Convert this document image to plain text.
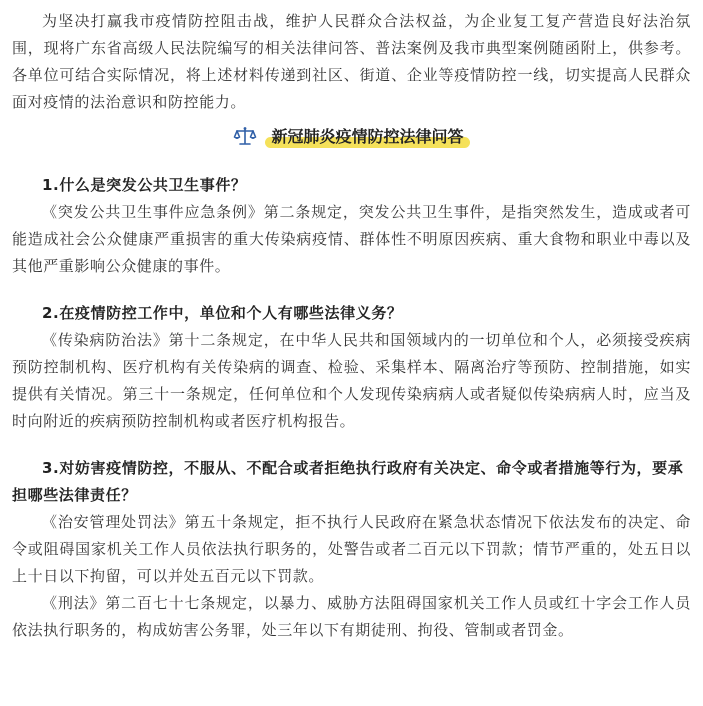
为坚决打赢我市疫情防控阻击战，维护人民群众合法权益，为企业复工复产营造良好法治氛围，现将广东省高级人民法院编写的相关法律问答、普法案例及我市典型案例随函附上，供参考。各单位可结合实际情况，将上述材料传递到社区、街道、企业等疫情防控一线，切实提高人民群众面对疫情的法治意识和防控能力。

新冠肺炎疫情防控法律问答

1.什么是突发公共卫生事件？

《突发公共卫生事件应急条例》第二条规定，突发公共卫生事件，是指突然发生，造成或者可能造成社会公众健康严重损害的重大传染病疫情、群体性不明原因疾病、重大食物和职业中毒以及其他严重影响公众健康的事件。

2.在疫情防控工作中，单位和个人有哪些法律义务？

《传染病防治法》第十二条规定，在中华人民共和国领域内的一切单位和个人，必须接受疾病预防控制机构、医疗机构有关传染病的调查、检验、采集样本、隔离治疗等预防、控制措施，如实提供有关情况。第三十一条规定，任何单位和个人发现传染病病人或者疑似传染病病人时，应当及时向附近的疾病预防控制机构或者医疗机构报告。

3.对妨害疫情防控，不服从、不配合或者拒绝执行政府有关决定、命令或者措施等行为，要承担哪些法律责任？

《治安管理处罚法》第五十条规定，拒不执行人民政府在紧急状态情况下依法发布的决定、命令或阻碍国家机关工作人员依法执行职务的，处警告或者二百元以下罚款；情节严重的，处五日以上十日以下拘留，可以并处五百元以下罚款。

《刑法》第二百七十七条规定，以暴力、威胁方法阻碍国家机关工作人员或红十字会工作人员依法执行职务的，构成妨害公务罪，处三年以下有期徒刑、拘役、管制或者罚金。
